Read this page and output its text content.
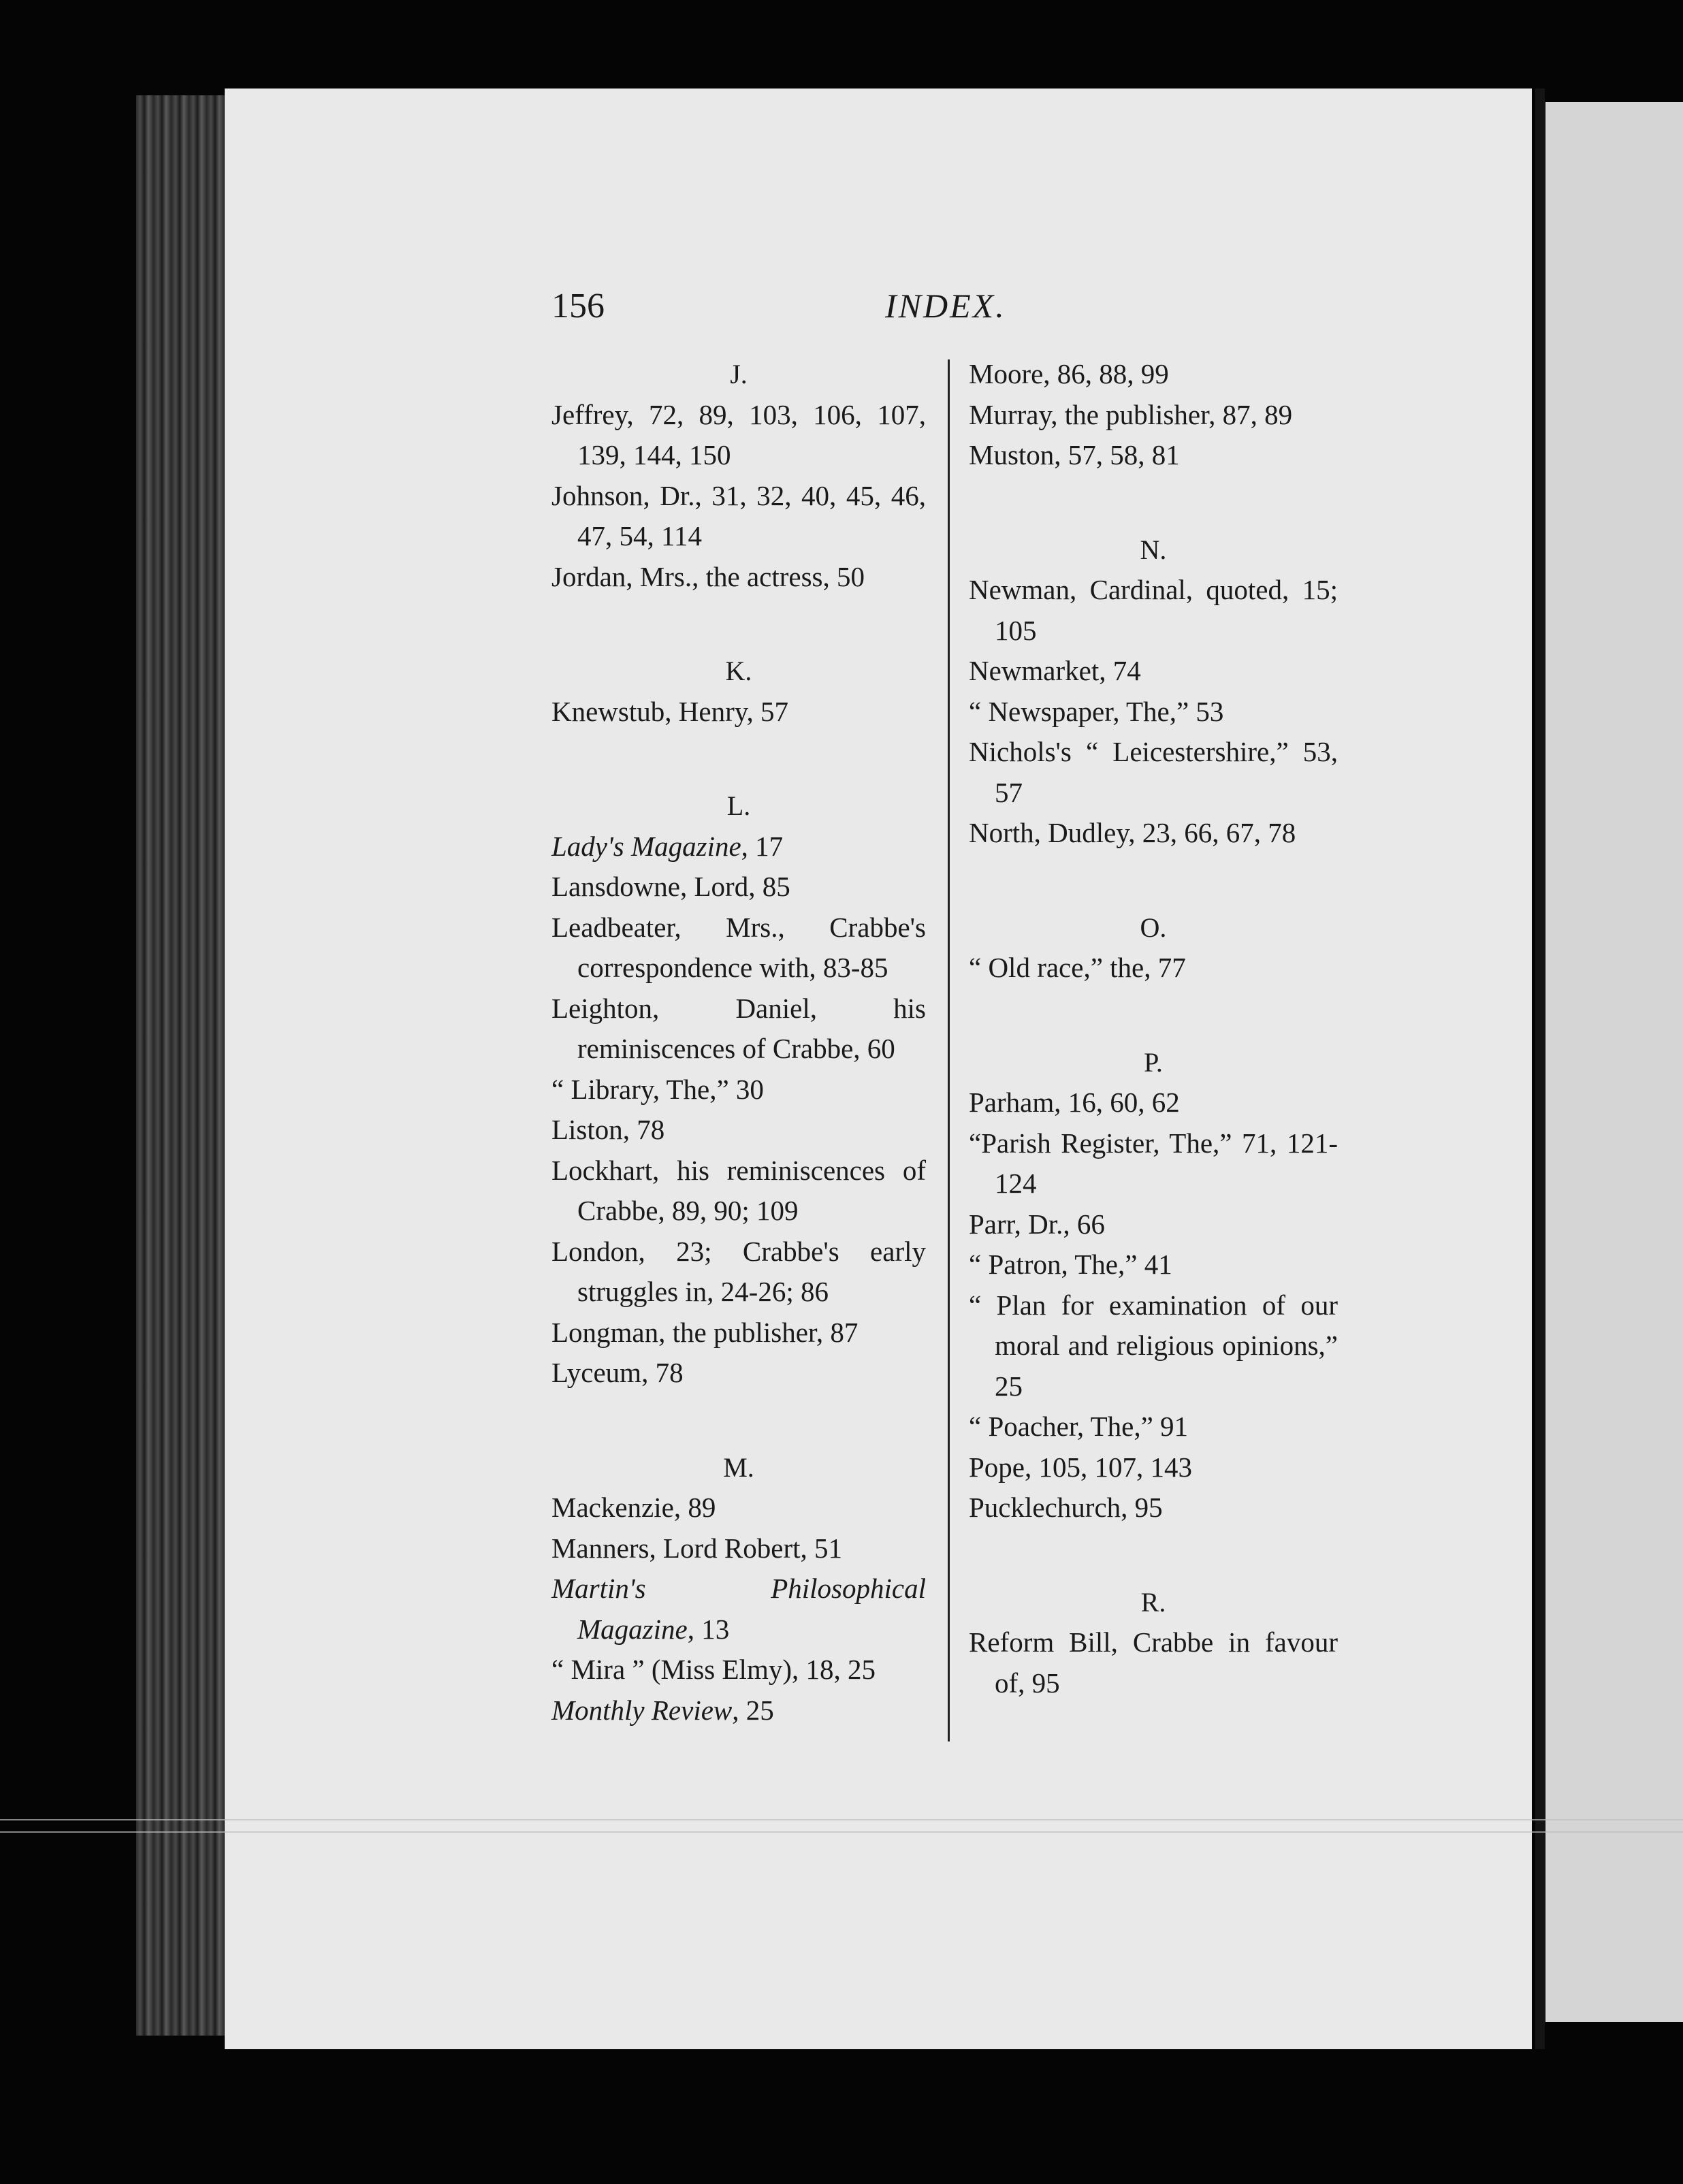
156	INDEX.
J.
Jeffrey, 72, 89, 103, 106, 107, 139, 144, 150
Johnson, Dr., 31, 32, 40, 45, 46, 47, 54, 114
Jordan, Mrs., the actress, 50
K.
Knewstub, Henry, 57
L.
Lady's Magazine, 17
Lansdowne, Lord, 85
Leadbeater, Mrs., Crabbe's correspondence with, 83-85
Leighton, Daniel, his reminiscences of Crabbe, 60
“ Library, The,” 30
Liston, 78
Lockhart, his reminiscences of Crabbe, 89, 90; 109
London, 23; Crabbe's early struggles in, 24-26; 86
Longman, the publisher, 87
Lyceum, 78
M.
Mackenzie, 89
Manners, Lord Robert, 51
Martin's Philosophical Magazine, 13
“ Mira ” (Miss Elmy), 18, 25
Monthly Review, 25
Moore, 86, 88, 99
Murray, the publisher, 87, 89
Muston, 57, 58, 81
N.
Newman, Cardinal, quoted, 15; 105
Newmarket, 74
“ Newspaper, The,” 53
Nichols's “ Leicestershire,” 53, 57
North, Dudley, 23, 66, 67, 78
O.
“ Old race,” the, 77
P.
Parham, 16, 60, 62
“Parish Register, The,” 71, 121-124
Parr, Dr., 66
“ Patron, The,” 41
“ Plan for examination of our moral and religious opinions,” 25
“ Poacher, The,” 91
Pope, 105, 107, 143
Pucklechurch, 95
R.
Reform Bill, Crabbe in favour of, 95
